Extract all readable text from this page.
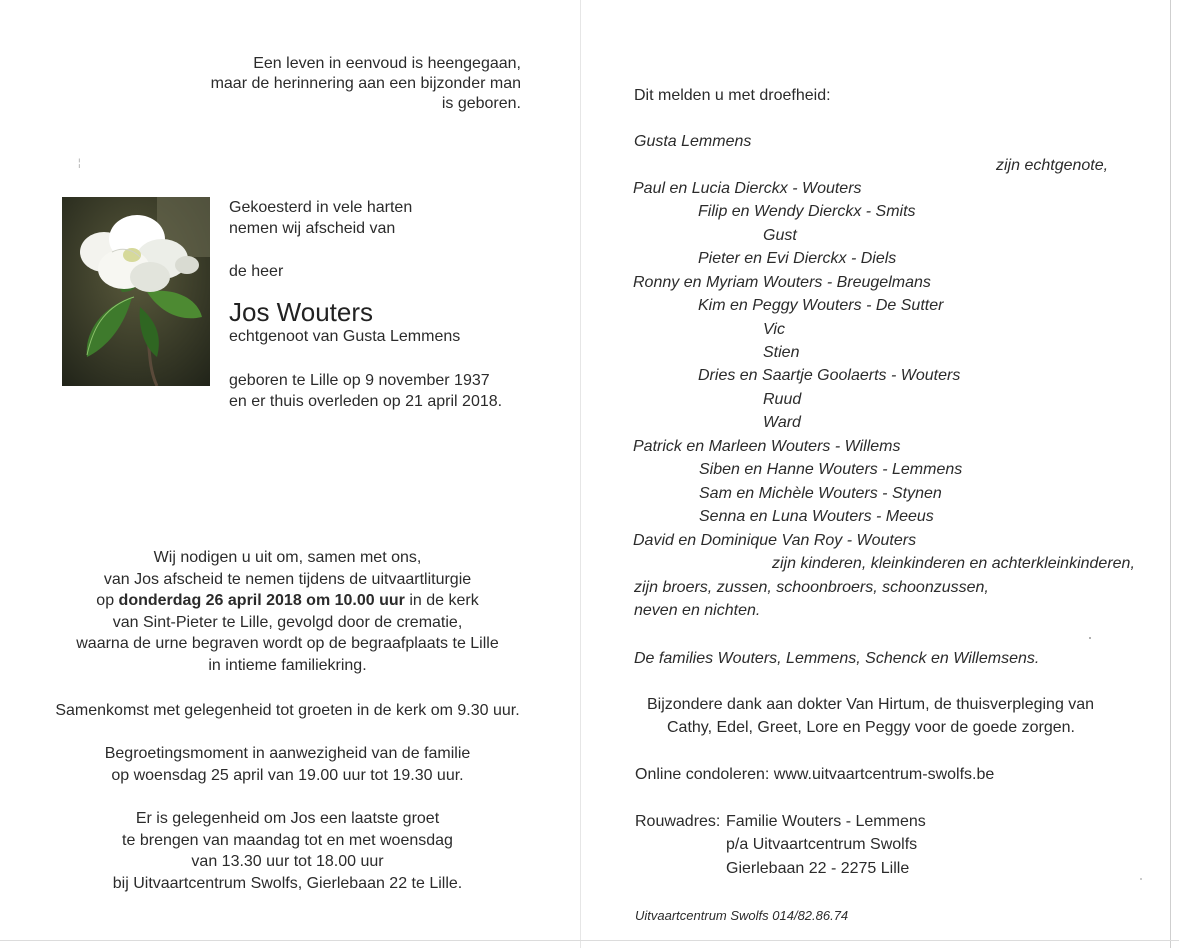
Een leven in eenvoud is heengegaan,
maar de herinnering aan een bijzonder man
is geboren.
¦
Gekoesterd in vele harten
nemen wij afscheid van
de heer
Jos Wouters
echtgenoot van Gusta Lemmens
geboren te Lille op 9 november 1937
en er thuis overleden op 21 april 2018.
Wij nodigen u uit om, samen met ons,
van Jos afscheid te nemen tijdens de uitvaartliturgie
op donderdag 26 april 2018 om 10.00 uur in de kerk
van Sint-Pieter te Lille, gevolgd door de crematie,
waarna de urne begraven wordt op de begraafplaats te Lille
in intieme familiekring.
Samenkomst met gelegenheid tot groeten in de kerk om 9.30 uur.
Begroetingsmoment in aanwezigheid van de familie
op woensdag 25 april van 19.00 uur tot 19.30 uur.
Er is gelegenheid om Jos een laatste groet
te brengen van maandag tot en met woensdag
van 13.30 uur tot 18.00 uur
bij Uitvaartcentrum Swolfs, Gierlebaan 22 te Lille.
Dit melden u met droefheid:
Gusta Lemmens
zijn echtgenote,
Paul en Lucia Dierckx - Wouters
Filip en Wendy Dierckx - Smits
Gust
Pieter en Evi Dierckx - Diels
Ronny en Myriam Wouters - Breugelmans
Kim en Peggy Wouters - De Sutter
Vic
Stien
Dries en Saartje Goolaerts - Wouters
Ruud
Ward
Patrick en Marleen Wouters - Willems
Siben en Hanne Wouters - Lemmens
Sam en Michèle Wouters - Stynen
Senna en Luna Wouters - Meeus
David en Dominique Van Roy - Wouters
zijn kinderen, kleinkinderen en achterkleinkinderen,
zijn broers, zussen, schoonbroers, schoonzussen,
neven en nichten.
De families Wouters, Lemmens, Schenck en Willemsens.
Bijzondere dank aan dokter Van Hirtum, de thuisverpleging van
Cathy, Edel, Greet, Lore en Peggy voor de goede zorgen.
Online condoleren: www.uitvaartcentrum-swolfs.be
Rouwadres: Familie Wouters - Lemmens
p/a Uitvaartcentrum Swolfs
Gierlebaan 22 - 2275 Lille
Uitvaartcentrum Swolfs 014/82.86.74
